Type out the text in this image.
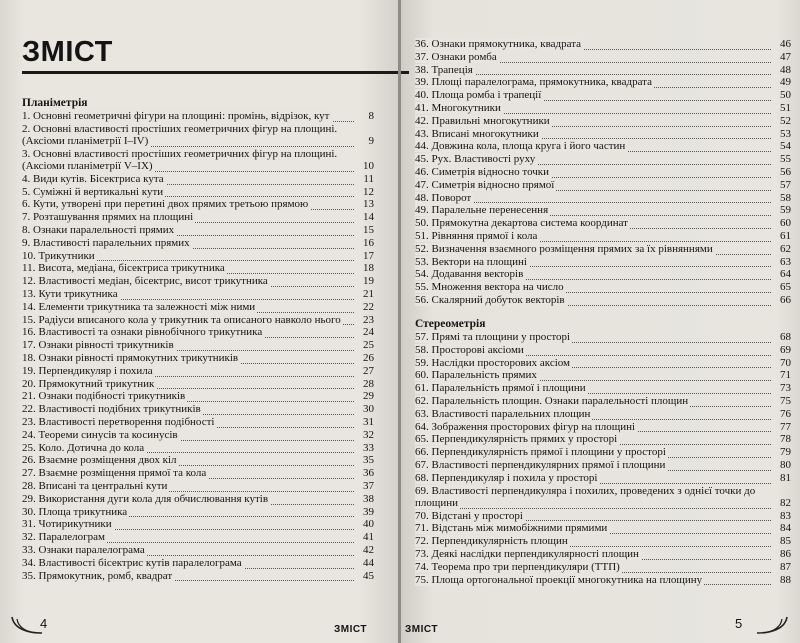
ЗМІСТ
Планіметрія
1. Основні геометричні фігури на площині: промінь, відрізок, кут	8
2. Основні властивості простіших геометричних фігур на площині. (Аксіоми планіметрії I–IV)	9
3. Основні властивості простіших геометричних фігур на площині. (Аксіоми планіметрії V–IX)	10
4. Види кутів. Бісектриса кута	11
5. Суміжні й вертикальні кути	12
6. Кути, утворені при перетині двох прямих третьою прямою	13
7. Розташування прямих на площині	14
8. Ознаки паралельності прямих	15
9. Властивості паралельних прямих	16
10. Трикутники	17
11. Висота, медіана, бісектриса трикутника	18
12. Властивості медіан, бісектрис, висот трикутника	19
13. Кути трикутника	21
14. Елементи трикутника та залежності між ними	22
15. Радіуси вписаного кола у трикутник та описаного навколо нього	23
16. Властивості та ознаки рівнобічного трикутника	24
17. Ознаки рівності трикутників	25
18. Ознаки рівності прямокутних трикутників	26
19. Перпендикуляр і похила	27
20. Прямокутний трикутник	28
21. Ознаки подібності трикутників	29
22. Властивості подібних трикутників	30
23. Властивості перетворення подібності	31
24. Теореми синусів та косинусів	32
25. Коло. Дотична до кола	33
26. Взаємне розміщення двох кіл	35
27. Взаємне розміщення прямої та кола	36
28. Вписані та центральні кути	37
29. Використання дуги кола для обчислювання кутів	38
30. Площа трикутника	39
31. Чотирикутники	40
32. Паралелограм	41
33. Ознаки паралелограма	42
34. Властивості бісектрис кутів паралелограма	44
35. Прямокутник, ромб, квадрат	45
4	ЗМІСТ
36. Ознаки прямокутника, квадрата	46
37. Ознаки ромба	47
38. Трапеція	48
39. Площі паралелограма, прямокутника, квадрата	49
40. Площа ромба і трапеції	50
41. Многокутники	51
42. Правильні многокутники	52
43. Вписані многокутники	53
44. Довжина кола, площа круга і його частин	54
45. Рух. Властивості руху	55
46. Симетрія відносно точки	56
47. Симетрія відносно прямої	57
48. Поворот	58
49. Паралельне перенесення	59
50. Прямокутна декартова система координат	60
51. Рівняння прямої і кола	61
52. Визначення взаємного розміщення прямих за їх рівняннями	62
53. Вектори на площині	63
54. Додавання векторів	64
55. Множення вектора на число	65
56. Скалярний добуток векторів	66
Стереометрія
57. Прямі та площини у просторі	68
58. Просторові аксіоми	69
59. Наслідки просторових аксіом	70
60. Паралельність прямих	71
61. Паралельність прямої і площини	73
62. Паралельність площин. Ознаки паралельності площин	75
63. Властивості паралельних площин	76
64. Зображення просторових фігур на площині	77
65. Перпендикулярність прямих у просторі	78
66. Перпендикулярність прямої і площини у просторі	79
67. Властивості перпендикулярних прямої і площини	80
68. Перпендикуляр і похила у просторі	81
69. Властивості перпендикуляра і похилих, проведених з однієї точки до площини	82
70. Відстані у просторі	83
71. Відстань між мимобіжними прямими	84
72. Перпендикулярність площин	85
73. Деякі наслідки перпендикулярності площин	86
74. Теорема про три перпендикуляри (ТТП)	87
75. Площа ортогональної проекції многокутника на площину	88
ЗМІСТ	5
